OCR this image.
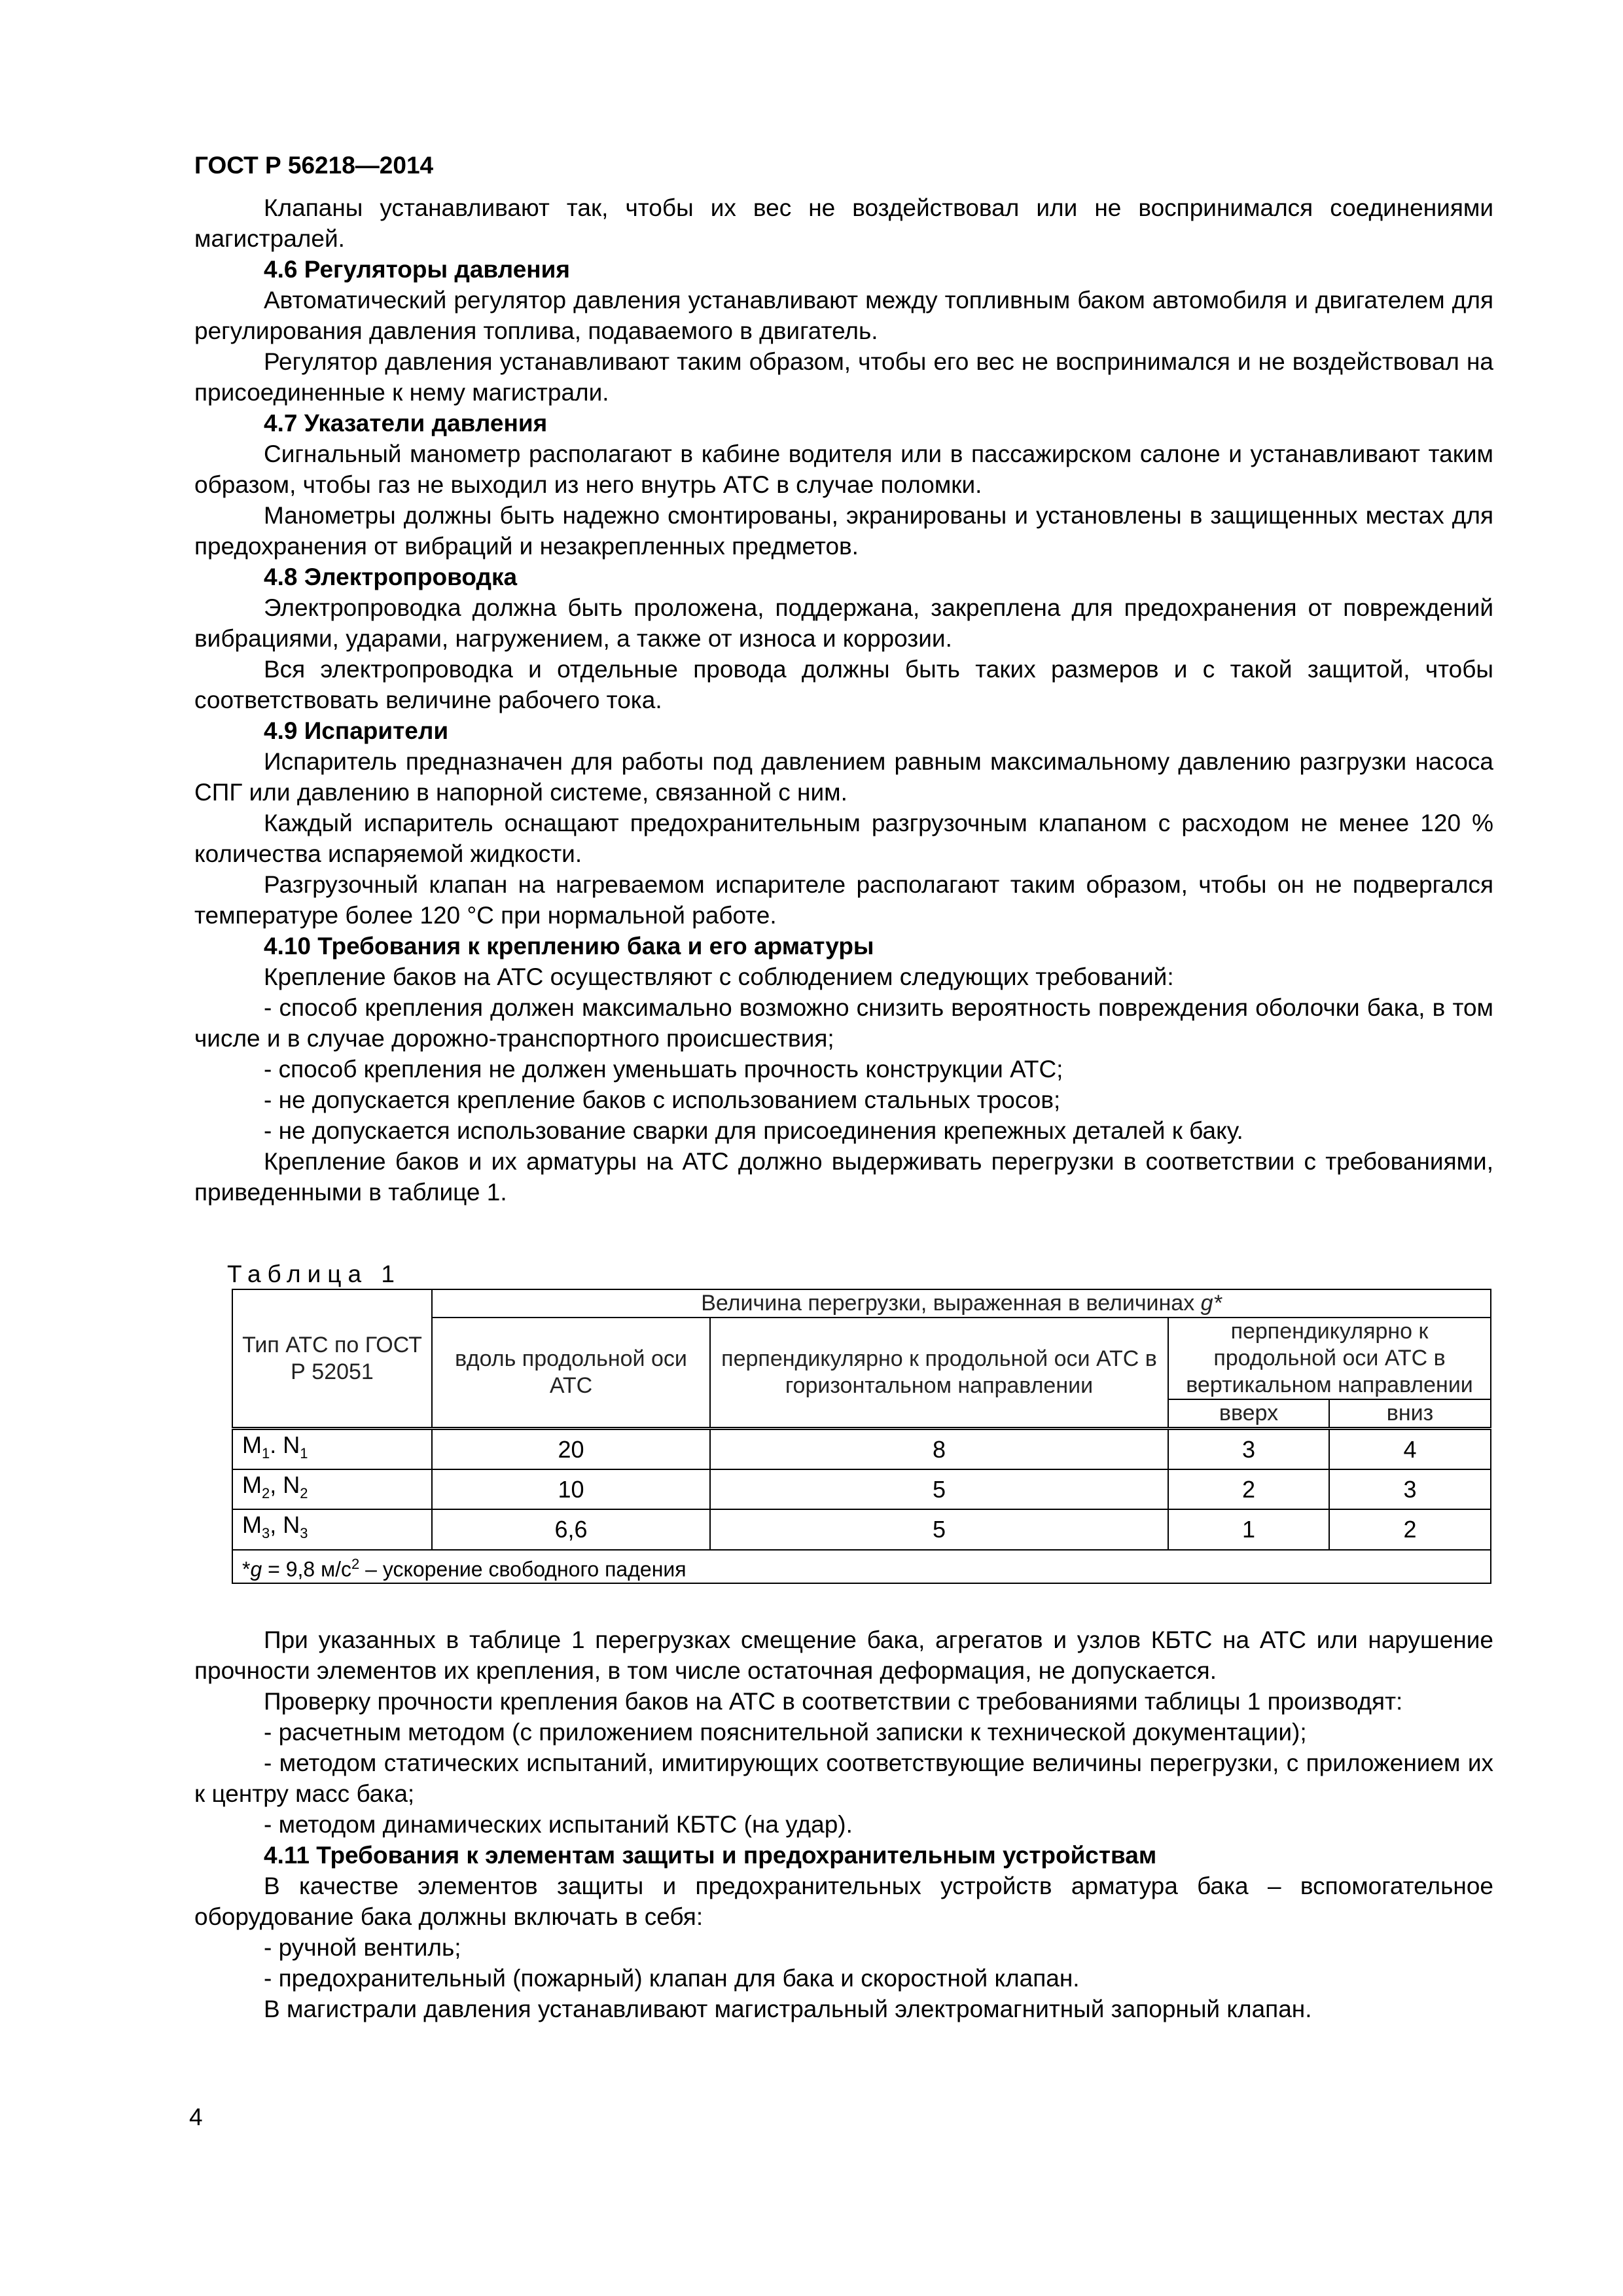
ГОСТ Р 56218—2014
Клапаны устанавливают так, чтобы их вес не воздействовал или не воспринимался соединениями магистралей.
4.6 Регуляторы давления
Автоматический регулятор давления устанавливают между топливным баком автомобиля и двигателем для регулирования давления топлива, подаваемого в двигатель.
Регулятор давления устанавливают таким образом, чтобы его вес не воспринимался и не воздействовал на присоединенные к нему магистрали.
4.7 Указатели давления
Сигнальный манометр располагают в кабине водителя или в пассажирском салоне и устанавливают таким образом, чтобы газ не выходил из него внутрь АТС в случае поломки.
Манометры должны быть надежно смонтированы, экранированы и установлены в защищенных местах для предохранения от вибраций и незакрепленных предметов.
4.8 Электропроводка
Электропроводка должна быть проложена, поддержана, закреплена для предохранения от повреждений вибрациями, ударами, нагружением, а также от износа и коррозии.
Вся электропроводка и отдельные провода должны быть таких размеров и с такой защитой, чтобы соответствовать величине рабочего тока.
4.9 Испарители
Испаритель предназначен для работы под давлением равным максимальному давлению разгрузки насоса СПГ или давлению в напорной системе, связанной с ним.
Каждый испаритель оснащают предохранительным разгрузочным клапаном с расходом не менее 120 % количества испаряемой жидкости.
Разгрузочный клапан на нагреваемом испарителе располагают таким образом, чтобы он не подвергался температуре более 120 °С при нормальной работе.
4.10 Требования к креплению бака и его арматуры
Крепление баков на АТС осуществляют с соблюдением следующих требований:
- способ крепления должен максимально возможно снизить вероятность повреждения оболочки бака, в том числе и в случае дорожно-транспортного происшествия;
- способ крепления не должен уменьшать прочность конструкции АТС;
- не допускается крепление баков с использованием стальных тросов;
- не допускается использование сварки для присоединения крепежных деталей к баку.
Крепление баков и их арматуры на АТС должно выдерживать перегрузки в соответствии с требованиями, приведенными в таблице 1.
Таблица 1
Тип АТС по ГОСТ Р 52051	Величина перегрузки, выраженная в величинах g*			
	вдоль продольной оси АТС	перпендикулярно к продольной оси АТС в горизонтальном направлении	перпендикулярно к продольной оси АТС в вертикальном направлении	
			вверх	вниз
$M_1$. $N_1$	20	8	3	4
$M_2$, $N_2$	10	5	2	3
$M_3$, $N_3$	6,6	5	1	2
*g = 9,8 $м/с^2$ – ускорение свободного падения				
При указанных в таблице 1 перегрузках смещение бака, агрегатов и узлов КБТС на АТС или нарушение прочности элементов их крепления, в том числе остаточная деформация, не допускается.
Проверку прочности крепления баков на АТС в соответствии с требованиями таблицы 1 производят:
- расчетным методом (с приложением пояснительной записки к технической документации);
- методом статических испытаний, имитирующих соответствующие величины перегрузки, с приложением их к центру масс бака;
- методом динамических испытаний КБТС (на удар).
4.11 Требования к элементам защиты и предохранительным устройствам
В качестве элементов защиты и предохранительных устройств арматура бака – вспомогательное оборудование бака должны включать в себя:
- ручной вентиль;
- предохранительный (пожарный) клапан для бака и скоростной клапан.
В магистрали давления устанавливают магистральный электромагнитный запорный клапан.
4
